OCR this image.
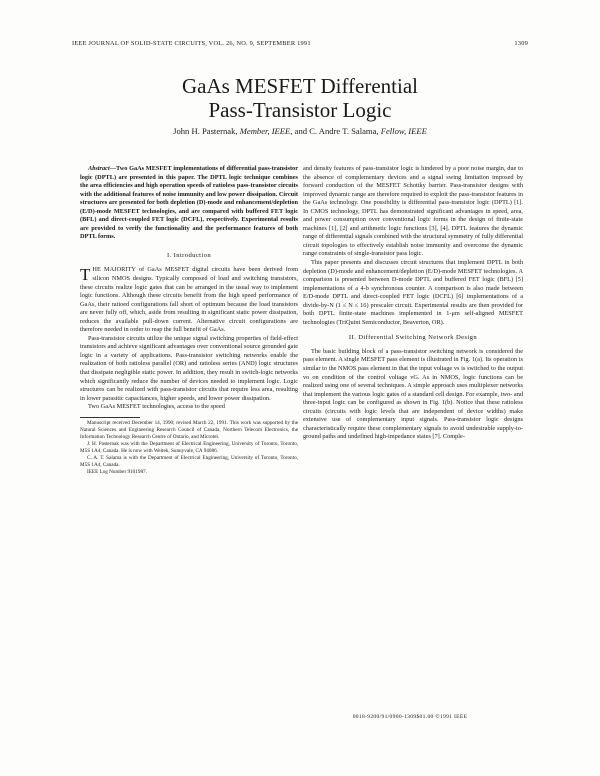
IEEE JOURNAL OF SOLID-STATE CIRCUITS, VOL. 26, NO. 9, SEPTEMBER 1991	1309
GaAs MESFET Differential
Pass-Transistor Logic
John H. Pasternak, Member, IEEE, and C. Andre T. Salama, Fellow, IEEE

Abstract—Two GaAs MESFET implementations of differential pass-transistor logic (DPTL) are presented in this paper. The DPTL logic technique combines the area efficiencies and high operation speeds of ratioless pass-transistor circuits with the additional features of noise immunity and low power dissipation. Circuit structures are presented for both depletion (D)-mode and enhancement/depletion (E/D)-mode MESFET technologies, and are compared with buffered FET logic (BFL) and direct-coupled FET logic (DCFL), respectively. Experimental results are provided to verify the functionality and the performance features of both DPTL forms.

I. Introduction

THE MAJORITY of GaAs MESFET digital circuits have been derived from silicon NMOS designs. Typically composed of load and switching transistors, these circuits realize logic gates that can be arranged in the usual way to implement logic functions. Although these circuits benefit from the high speed performance of GaAs, their ratioed configurations fall short of optimum because the load transistors are never fully off, which, aside from resulting in significant static power dissipation, reduces the available pull-down current. Alternative circuit configurations are therefore needed in order to reap the full benefit of GaAs.

Pass-transistor circuits utilize the unique signal switching properties of field-effect transistors and achieve significant advantages over conventional source grounded gate logic in a variety of applications. Pass-transistor switching networks enable the realization of both ratioless parallel (OR) and ratioless series (AND) logic structures that dissipate negligible static power. In addition, they result in switch-logic networks which significantly reduce the number of devices needed to implement logic. Logic structures can be realized with pass-transistor circuits that require less area, resulting in lower parasitic capacitances, higher speeds, and lower power dissipation.

Two GaAs MESFET technologies, access to the speed

Manuscript received December 14, 1990; revised March 22, 1991. This work was supported by the Natural Sciences and Engineering Research Council of Canada, Northern Telecom Electronics, the Information Technology Research Centre of Ontario, and Microtel.

J. H. Pasternak was with the Department of Electrical Engineering, University of Toronto, Toronto, M5S 1A4, Canada. He is now with Weitek, Sunnyvale, CA 94086.

C. A. T. Salama is with the Department of Electrical Engineering, University of Toronto, Toronto, M5S 1A4, Canada.

IEEE Log Number 9101987.

and density features of pass-transistor logic is hindered by a poor noise margin, due to the absence of complementary devices and a signal swing limitation imposed by forward conduction of the MESFET Schottky barrier. Pass-transistor designs with improved dynamic range are therefore required to exploit the pass-transistor features in the GaAs technology. One possibility is differential pass-transistor logic (DPTL) [1]. In CMOS technology, DPTL has demonstrated significant advantages in speed, area, and power consumption over conventional logic forms in the design of finite-state machines [1], [2] and arithmetic logic functions [3], [4]. DPTL features the dynamic range of differential signals combined with the structural symmetry of fully differential circuit topologies to effectively establish noise immunity and overcome the dynamic range constraints of single-transistor pass logic.

This paper presents and discusses circuit structures that implement DPTL in both depletion (D)-mode and enhancement/depletion (E/D)-mode MESFET technologies. A comparison is presented between D-mode DPTL and buffered FET logic (BFL) [5] implementations of a 4-b synchronous counter. A comparison is also made between E/D-mode DPTL and direct-coupled FET logic (DCFL) [6] implementations of a divide-by-N (1 ≤ N ≤ 16) prescaler circuit. Experimental results are then provided for both DPTL finite-state machines implemented in 1-μm self-aligned MESFET technologies (TriQuint Semiconductor, Beaverton, OR).

II. Differential Switching Network Design

The basic building block of a pass-transistor switching network is considered the pass element. A single MESFET pass element is illustrated in Fig. 1(a). Its operation is similar to the NMOS pass element in that the input voltage vs is switched to the output vo on condition of the control voltage vG. As in NMOS, logic functions can be realized using one of several techniques. A simple approach uses multiplexer networks that implement the various logic gates of a standard cell design. For example, two- and three-input logic can be configured as shown in Fig. 1(b). Notice that these ratioless circuits (circuits with logic levels that are independent of device widths) make extensive use of complementary input signals. Pass-transistor logic designs characteristically require these complementary signals to avoid undesirable supply-to-ground paths and undefined high-impedance states [7]. Comple-

0018-9200/91/0900-1309$01.00 ©1991 IEEE
